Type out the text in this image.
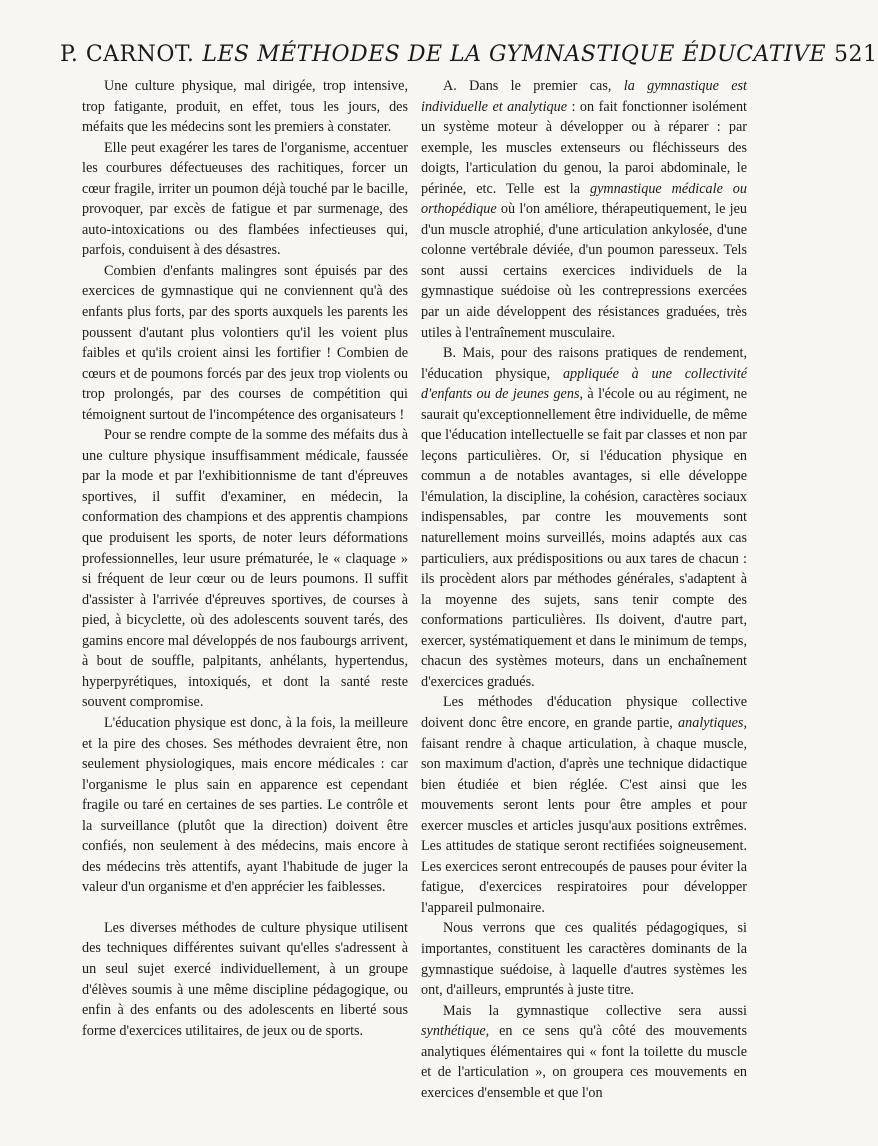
P. CARNOT. LES MÉTHODES DE LA GYMNASTIQUE ÉDUCATIVE 521

Une culture physique, mal dirigée, trop intensive, trop fatigante, produit, en effet, tous les jours, des méfaits que les médecins sont les premiers à constater.

Elle peut exagérer les tares de l'organisme, accentuer les courbures défectueuses des rachitiques, forcer un cœur fragile, irriter un poumon déjà touché par le bacille, provoquer, par excès de fatigue et par surmenage, des auto-intoxications ou des flambées infectieuses qui, parfois, conduisent à des désastres.

Combien d'enfants malingres sont épuisés par des exercices de gymnastique qui ne conviennent qu'à des enfants plus forts, par des sports auxquels les parents les poussent d'autant plus volontiers qu'il les voient plus faibles et qu'ils croient ainsi les fortifier ! Combien de cœurs et de poumons forcés par des jeux trop violents ou trop prolongés, par des courses de compétition qui témoignent surtout de l'incompétence des organisateurs !

Pour se rendre compte de la somme des méfaits dus à une culture physique insuffisamment médicale, faussée par la mode et par l'exhibitionnisme de tant d'épreuves sportives, il suffit d'examiner, en médecin, la conformation des champions et des apprentis champions que produisent les sports, de noter leurs déformations professionnelles, leur usure prématurée, le « claquage » si fréquent de leur cœur ou de leurs poumons. Il suffit d'assister à l'arrivée d'épreuves sportives, de courses à pied, à bicyclette, où des adolescents souvent tarés, des gamins encore mal développés de nos faubourgs arrivent, à bout de souffle, palpitants, anhélants, hypertendus, hyperpyrétiques, intoxiqués, et dont la santé reste souvent compromise.

L'éducation physique est donc, à la fois, la meilleure et la pire des choses. Ses méthodes devraient être, non seulement physiologiques, mais encore médicales : car l'organisme le plus sain en apparence est cependant fragile ou taré en certaines de ses parties. Le contrôle et la surveillance (plutôt que la direction) doivent être confiés, non seulement à des médecins, mais encore à des médecins très attentifs, ayant l'habitude de juger la valeur d'un organisme et d'en apprécier les faiblesses.

Les diverses méthodes de culture physique utilisent des techniques différentes suivant qu'elles s'adressent à un seul sujet exercé individuellement, à un groupe d'élèves soumis à une même discipline pédagogique, ou enfin à des enfants ou des adolescents en liberté sous forme d'exercices utilitaires, de jeux ou de sports.

A. Dans le premier cas, la gymnastique est individuelle et analytique : on fait fonctionner isolément un système moteur à développer ou à réparer : par exemple, les muscles extenseurs ou fléchisseurs des doigts, l'articulation du genou, la paroi abdominale, le périnée, etc. Telle est la gymnastique médicale ou orthopédique où l'on améliore, thérapeutiquement, le jeu d'un muscle atrophié, d'une articulation ankylosée, d'une colonne vertébrale déviée, d'un poumon paresseux. Tels sont aussi certains exercices individuels de la gymnastique suédoise où les contrepressions exercées par un aide développent des résistances graduées, très utiles à l'entraînement musculaire.

B. Mais, pour des raisons pratiques de rendement, l'éducation physique, appliquée à une collectivité d'enfants ou de jeunes gens, à l'école ou au régiment, ne saurait qu'exceptionnellement être individuelle, de même que l'éducation intellectuelle se fait par classes et non par leçons particulières. Or, si l'éducation physique en commun a de notables avantages, si elle développe l'émulation, la discipline, la cohésion, caractères sociaux indispensables, par contre les mouvements sont naturellement moins surveillés, moins adaptés aux cas particuliers, aux prédispositions ou aux tares de chacun : ils procèdent alors par méthodes générales, s'adaptent à la moyenne des sujets, sans tenir compte des conformations particulières. Ils doivent, d'autre part, exercer, systématiquement et dans le minimum de temps, chacun des systèmes moteurs, dans un enchaînement d'exercices gradués.

Les méthodes d'éducation physique collective doivent donc être encore, en grande partie, analytiques, faisant rendre à chaque articulation, à chaque muscle, son maximum d'action, d'après une technique didactique bien étudiée et bien réglée. C'est ainsi que les mouvements seront lents pour être amples et pour exercer muscles et articles jusqu'aux positions extrêmes. Les attitudes de statique seront rectifiées soigneusement. Les exercices seront entrecoupés de pauses pour éviter la fatigue, d'exercices respiratoires pour développer l'appareil pulmonaire.

Nous verrons que ces qualités pédagogiques, si importantes, constituent les caractères dominants de la gymnastique suédoise, à laquelle d'autres systèmes les ont, d'ailleurs, empruntés à juste titre.

Mais la gymnastique collective sera aussi synthétique, en ce sens qu'à côté des mouvements analytiques élémentaires qui « font la toilette du muscle et de l'articulation », on groupera ces mouvements en exercices d'ensemble et que l'on
